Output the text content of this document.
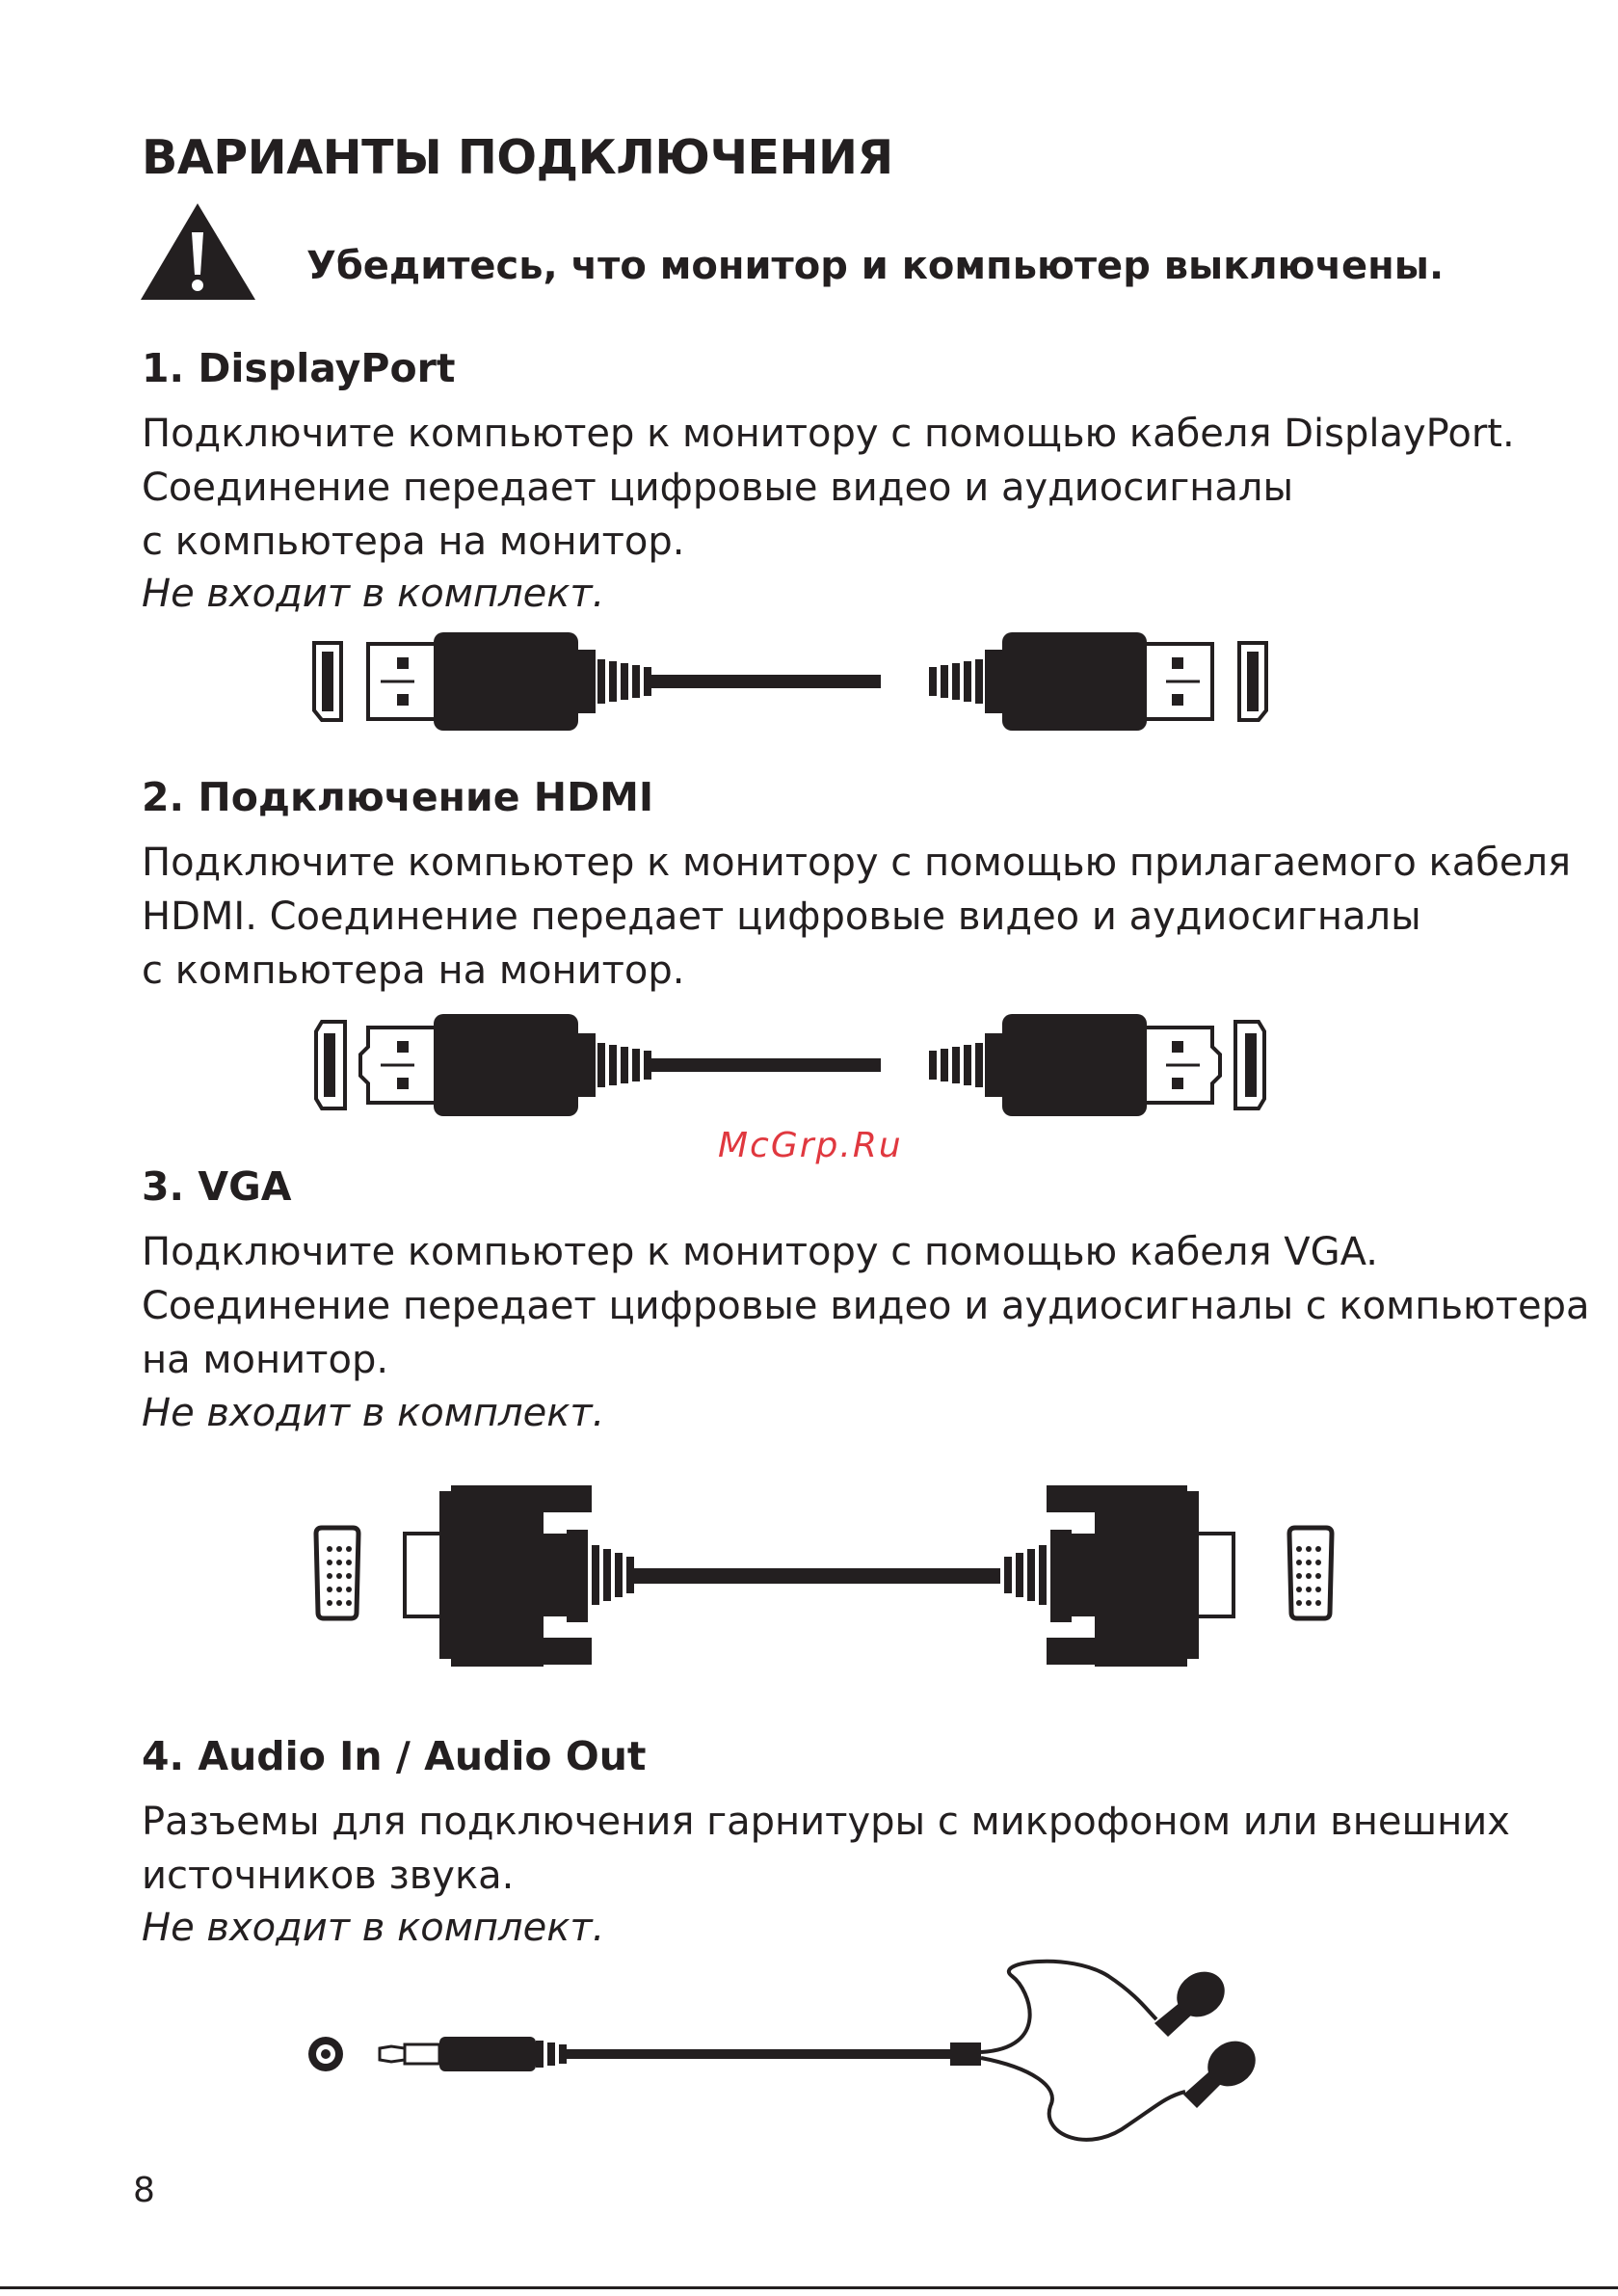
ВАРИАНТЫ ПОДКЛЮЧЕНИЯ
Убедитесь, что монитор и компьютер выключены.
1. DisplayPort
Подключите компьютер к монитору с помощью кабеля DisplayPort.
Соединение передает цифровые видео и аудиосигналы
с компьютера на монитор.
Не входит в комплект.
2. Подключение HDMI
Подключите компьютер к монитору с помощью прилагаемого кабеля
HDMI. Соединение передает цифровые видео и аудиосигналы
с компьютера на монитор.
McGrp.Ru
3. VGA
Подключите компьютер к монитору с помощью кабеля VGA.
Соединение передает цифровые видео и аудиосигналы с компьютера
на монитор.
Не входит в комплект.
4. Audio In / Audio Out
Разъемы для подключения гарнитуры с микрофоном или внешних
источников звука.
Не входит в комплект.
8
